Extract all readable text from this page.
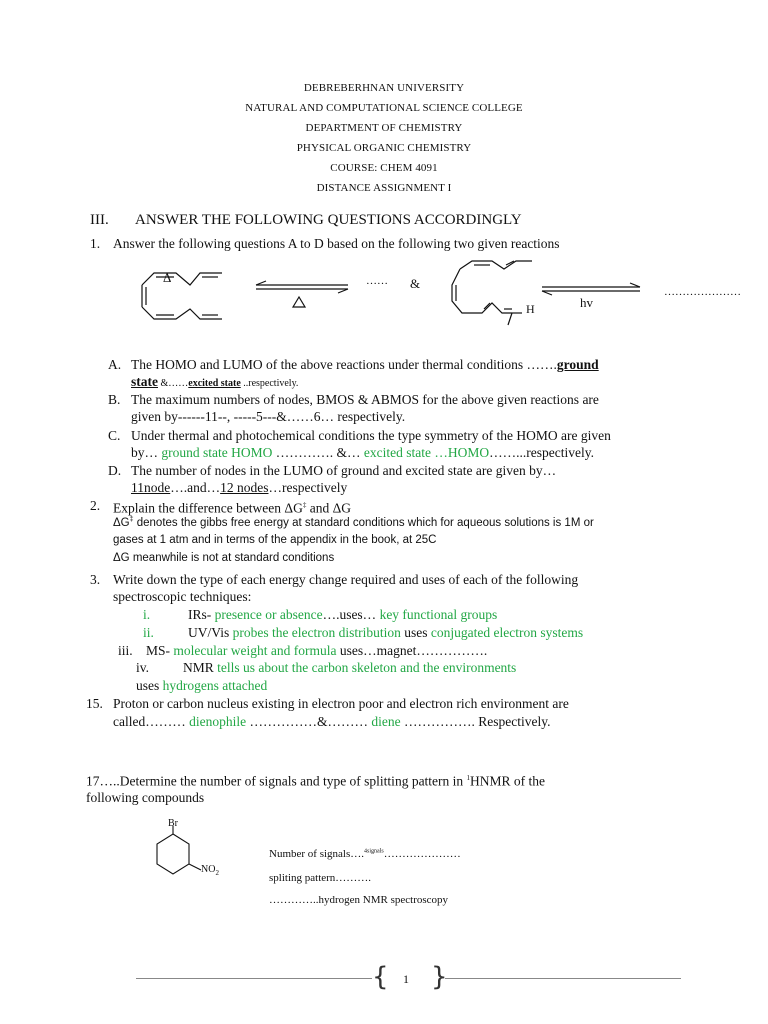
DEBREBERHNAN UNIVERSITY
NATURAL AND COMPUTATIONAL SCIENCE COLLEGE
DEPARTMENT OF CHEMISTRY
PHYSICAL ORGANIC CHEMISTRY
COURSE: CHEM 4091
DISTANCE ASSIGNMENT I
III. ANSWER THE FOLLOWING QUESTIONS ACCORDINGLY
1. Answer the following questions A to D based on the following two given reactions
Δ	…… &
H	hv
…………………
A. The HOMO and LUMO of the above reactions under thermal conditions …….ground
state &……excited state ..respectively.
B. The maximum numbers of nodes, BMOS & ABMOS for the above given reactions are
given by------11--, -----5---&……6… respectively.
C. Under thermal and photochemical conditions the type symmetry of the HOMO are given
by… ground state HOMO …………. &… excited state …HOMO……...respectively.
D. The number of nodes in the LUMO of ground and excited state are given by…
11node….and…12 nodes…respectively
2. Explain the difference between ΔG‡ and ΔG
ΔG‡ denotes the gibbs free energy at standard conditions which for aqueous solutions is 1M or
gases at 1 atm and in terms of the appendix in the book, at 25C
ΔG meanwhile is not at standard conditions
3. Write down the type of each energy change required and uses of each of the following
spectroscopic techniques:
i.	IRs- presence or absence….uses… key functional groups
ii.	UV/Vis probes the electron distribution uses conjugated electron systems
iii. MS- molecular weight and formula uses…magnet…………….
iv.	NMR tells us about the carbon skeleton and the environments
uses hydrogens attached
15. Proton or carbon nucleus existing in electron poor and electron rich environment are
called……… dienophile ……………&……… diene ……………. Respectively.
17…..Determine the number of signals and type of splitting pattern in $^1$HNMR of the
following compounds
Br
$NO_2$
Number of signals….$^{4signals}$…………………
spliting pattern……….
…………..hydrogen NMR spectroscopy
{ }
1
